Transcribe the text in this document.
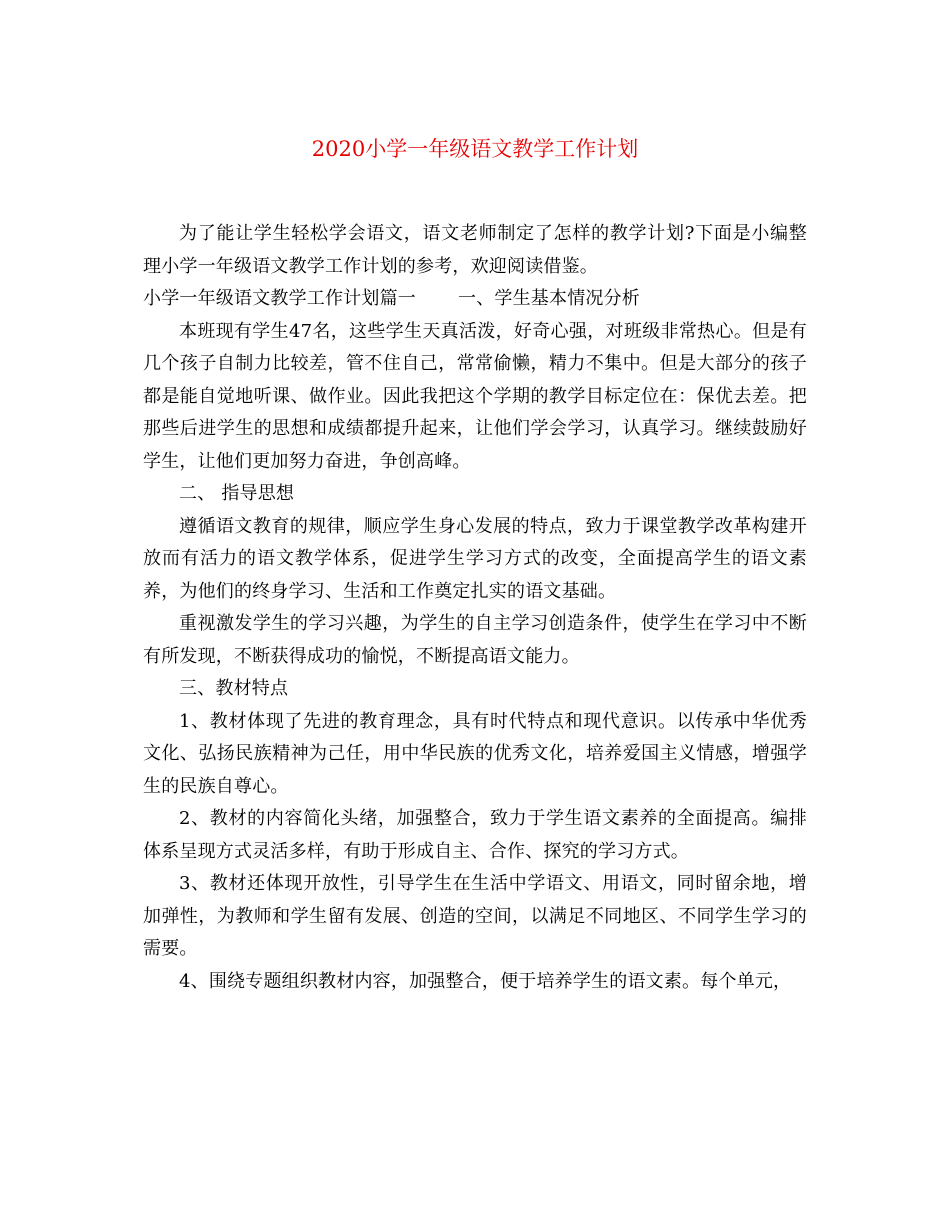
2020小学一年级语文教学工作计划

为了能让学生轻松学会语文，语文老师制定了怎样的教学计划?下面是小编整理小学一年级语文教学工作计划的参考，欢迎阅读借鉴。

小学一年级语文教学工作计划篇一 一、学生基本情况分析

本班现有学生47名，这些学生天真活泼，好奇心强，对班级非常热心。但是有几个孩子自制力比较差，管不住自己，常常偷懒，精力不集中。但是大部分的孩子都是能自觉地听课、做作业。因此我把这个学期的教学目标定位在：保优去差。把那些后进学生的思想和成绩都提升起来，让他们学会学习，认真学习。继续鼓励好学生，让他们更加努力奋进，争创高峰。

二、 指导思想

遵循语文教育的规律，顺应学生身心发展的特点，致力于课堂教学改革构建开放而有活力的语文教学体系，促进学生学习方式的改变，全面提高学生的语文素养，为他们的终身学习、生活和工作奠定扎实的语文基础。

重视激发学生的学习兴趣，为学生的自主学习创造条件，使学生在学习中不断有所发现，不断获得成功的愉悦，不断提高语文能力。

三、教材特点

1、教材体现了先进的教育理念，具有时代特点和现代意识。以传承中华优秀文化、弘扬民族精神为己任，用中华民族的优秀文化，培养爱国主义情感，增强学生的民族自尊心。

2、教材的内容简化头绪，加强整合，致力于学生语文素养的全面提高。编排体系呈现方式灵活多样，有助于形成自主、合作、探究的学习方式。

3、教材还体现开放性，引导学生在生活中学语文、用语文，同时留余地，增加弹性，为教师和学生留有发展、创造的空间，以满足不同地区、不同学生学习的需要。

4、围绕专题组织教材内容，加强整合，便于培养学生的语文素。每个单元，
